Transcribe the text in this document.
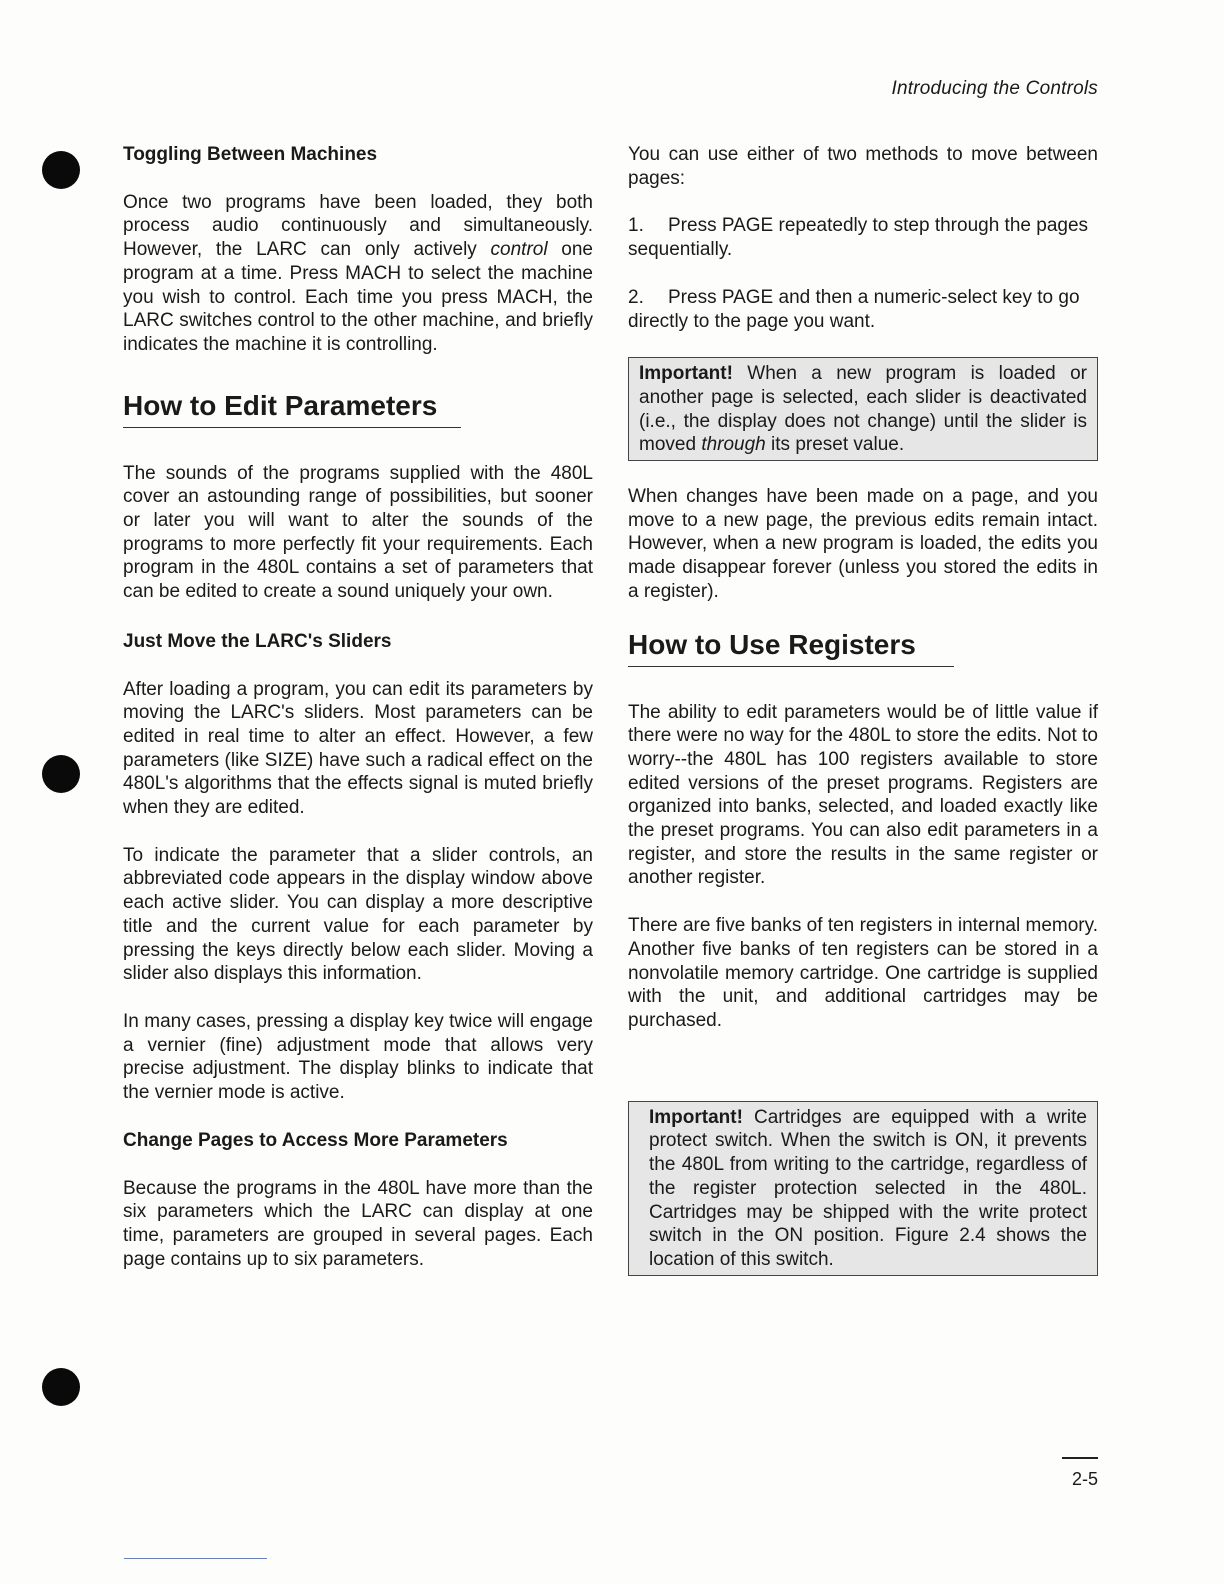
Introducing the Controls
Toggling Between Machines

Once two programs have been loaded, they both process audio continuously and simultaneously. However, the LARC can only actively control one program at a time. Press MACH to select the machine you wish to control. Each time you press MACH, the LARC switches control to the other machine, and briefly indicates the machine it is controlling.

How to Edit Parameters

The sounds of the programs supplied with the 480L cover an astounding range of possibilities, but sooner or later you will want to alter the sounds of the programs to more perfectly fit your requirements. Each program in the 480L contains a set of parameters that can be edited to create a sound uniquely your own.

Just Move the LARC's Sliders

After loading a program, you can edit its parameters by moving the LARC's sliders. Most parameters can be edited in real time to alter an effect. However, a few parameters (like SIZE) have such a radical effect on the 480L's algorithms that the effects signal is muted briefly when they are edited.

To indicate the parameter that a slider controls, an abbreviated code appears in the display window above each active slider. You can display a more descriptive title and the current value for each parameter by pressing the keys directly below each slider. Moving a slider also displays this information.

In many cases, pressing a display key twice will engage a vernier (fine) adjustment mode that allows very precise adjustment. The display blinks to indicate that the vernier mode is active.

Change Pages to Access More Parameters

Because the programs in the 480L have more than the six parameters which the LARC can display at one time, parameters are grouped in several pages. Each page contains up to six parameters.

You can use either of two methods to move between pages:

1. Press PAGE repeatedly to step through the pages sequentially.
2. Press PAGE and then a numeric-select key to go directly to the page you want.
Important! When a new program is loaded or another page is selected, each slider is deactivated (i.e., the display does not change) until the slider is moved through its preset value.

When changes have been made on a page, and you move to a new page, the previous edits remain intact. However, when a new program is loaded, the edits you made disappear forever (unless you stored the edits in a register).

How to Use Registers

The ability to edit parameters would be of little value if there were no way for the 480L to store the edits. Not to worry--the 480L has 100 registers available to store edited versions of the preset programs. Registers are organized into banks, selected, and loaded exactly like the preset programs. You can also edit parameters in a register, and store the results in the same register or another register.

There are five banks of ten registers in internal memory. Another five banks of ten registers can be stored in a nonvolatile memory cartridge. One cartridge is supplied with the unit, and additional cartridges may be purchased.

Important! Cartridges are equipped with a write protect switch. When the switch is ON, it prevents the 480L from writing to the cartridge, regardless of the register protection selected in the 480L. Cartridges may be shipped with the write protect switch in the ON position. Figure 2.4 shows the location of this switch.
2-5
